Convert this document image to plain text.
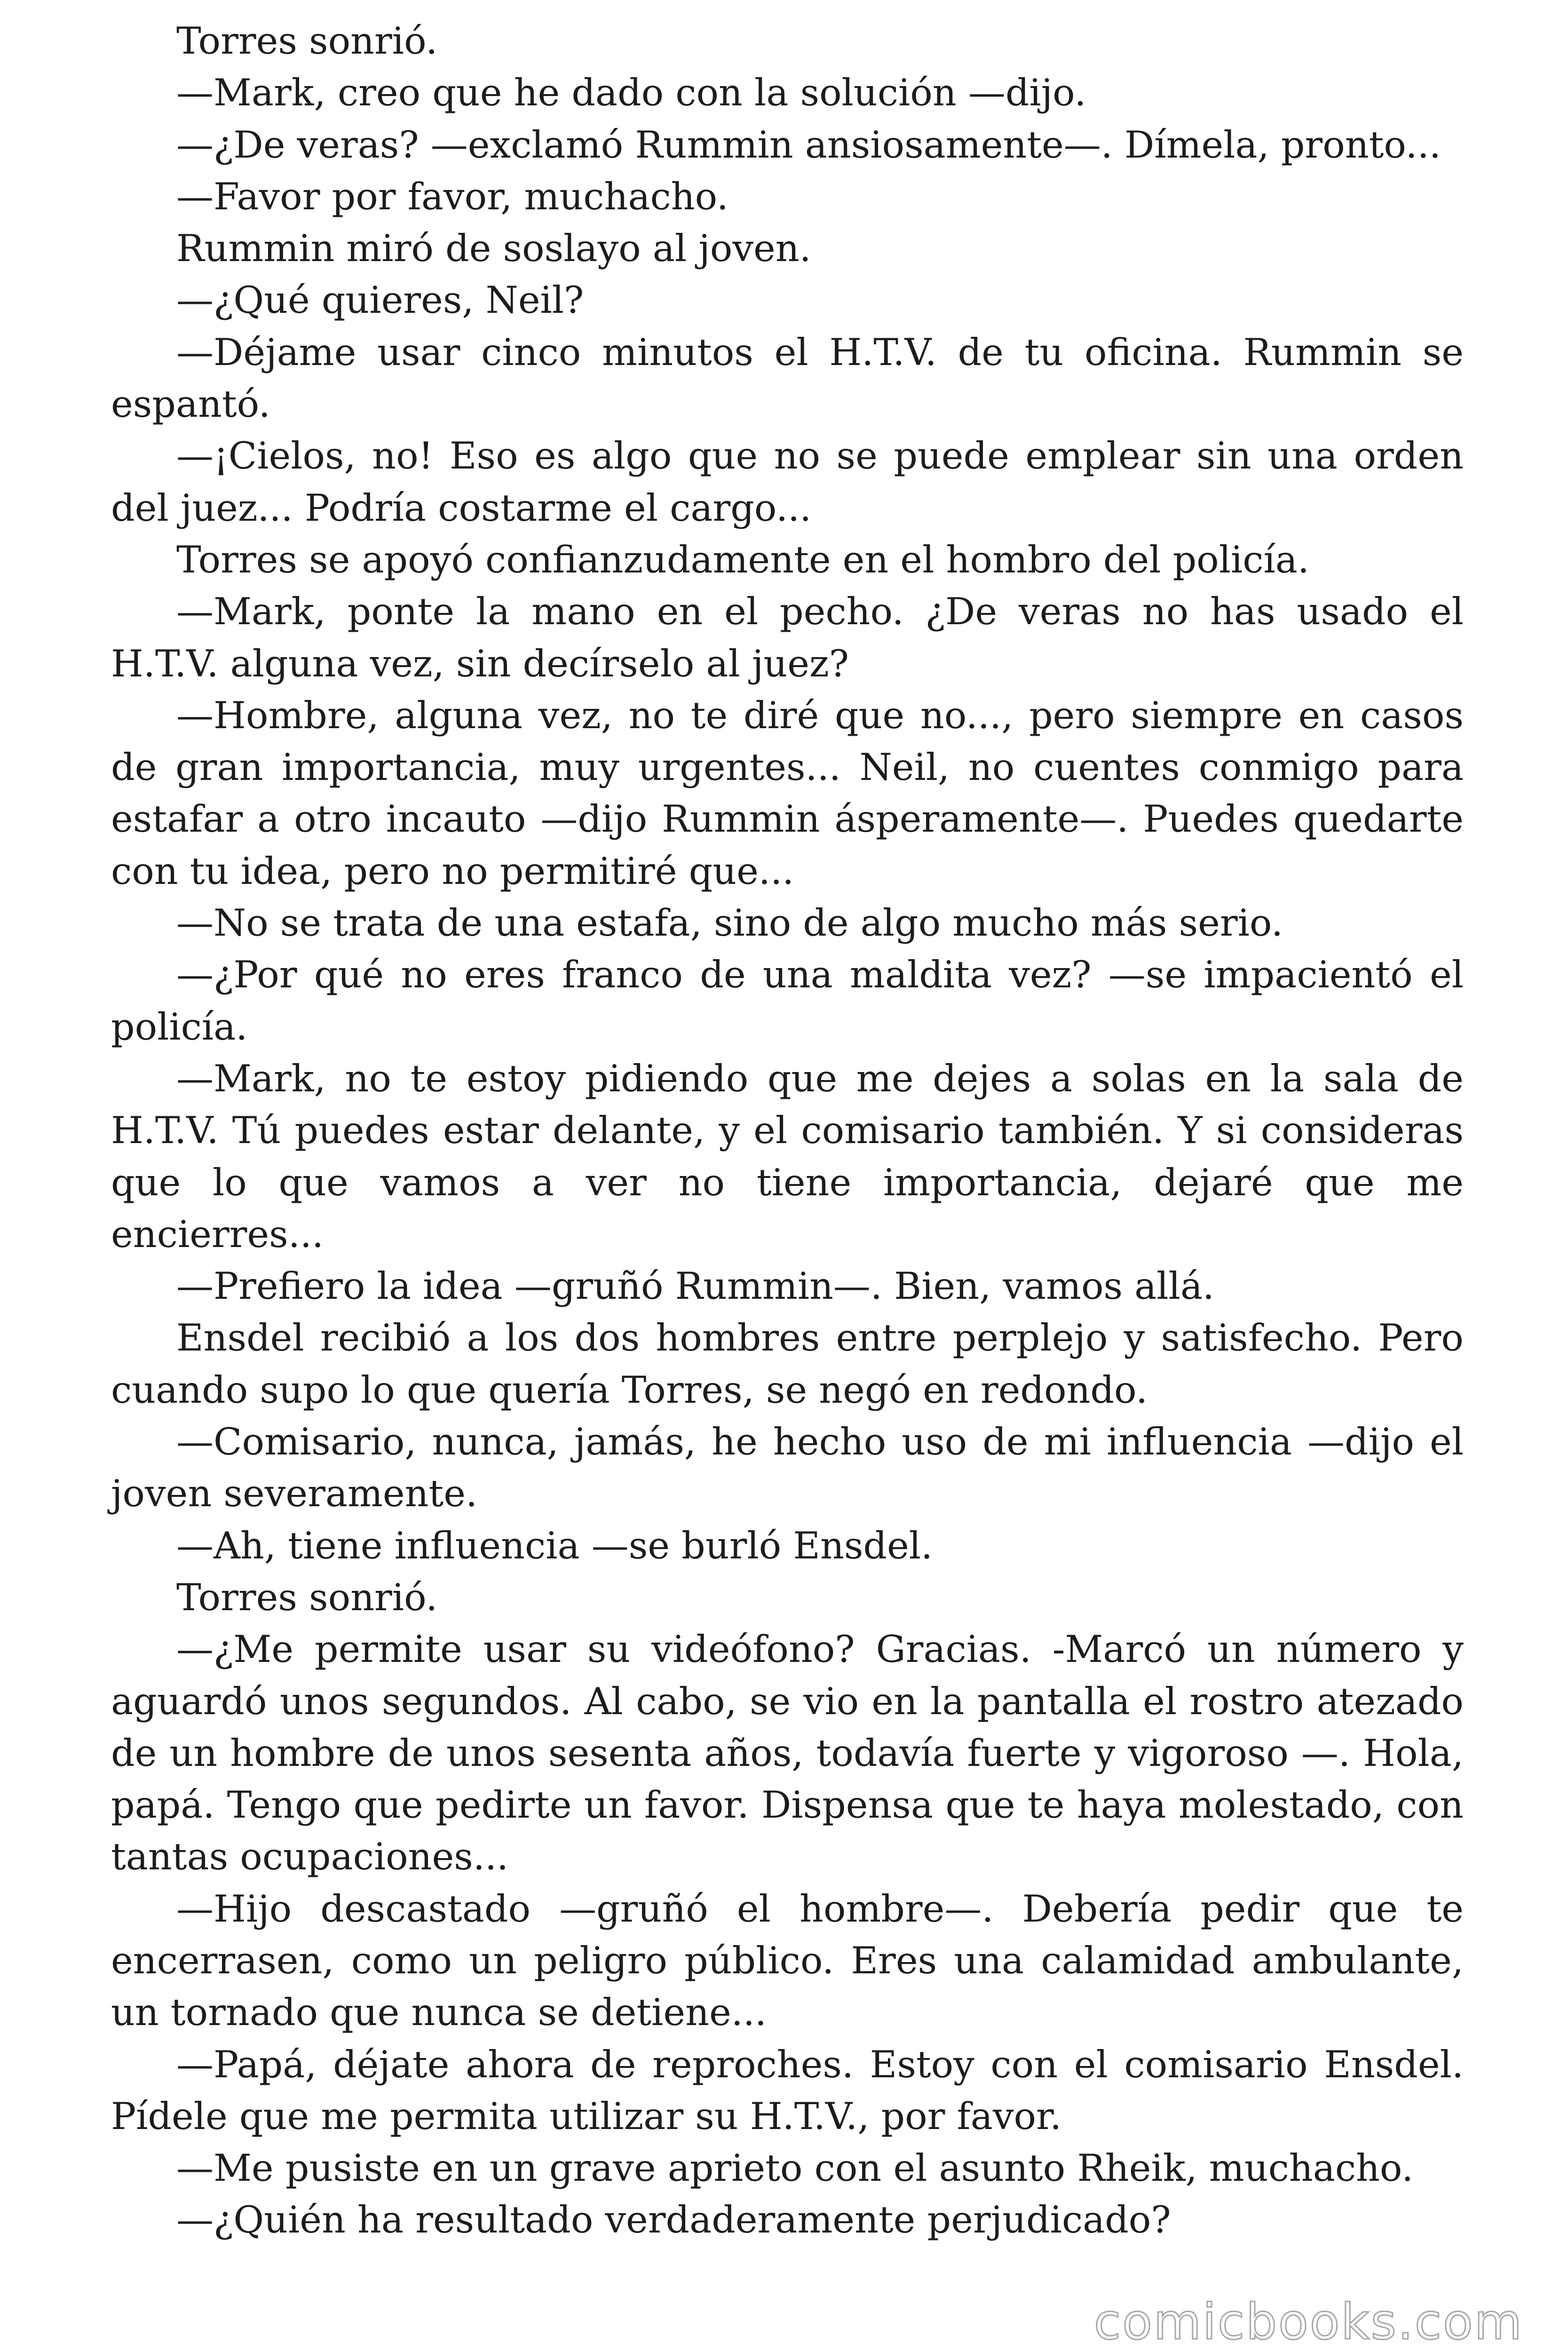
Torres sonrió.

—Mark, creo que he dado con la solución —dijo.

—¿De veras? —exclamó Rummin ansiosamente—. Dímela, pronto...

—Favor por favor, muchacho.

Rummin miró de soslayo al joven.

—¿Qué quieres, Neil?

—Déjame usar cinco minutos el H.T.V. de tu oficina. Rummin se espantó.

—¡Cielos, no! Eso es algo que no se puede emplear sin una orden del juez... Podría costarme el cargo...

Torres se apoyó confianzudamente en el hombro del policía.

—Mark, ponte la mano en el pecho. ¿De veras no has usado el H.T.V. alguna vez, sin decírselo al juez?

—Hombre, alguna vez, no te diré que no..., pero siempre en casos de gran importancia, muy urgentes... Neil, no cuentes conmigo para estafar a otro incauto —dijo Rummin ásperamente—. Puedes quedarte con tu idea, pero no permitiré que...

—No se trata de una estafa, sino de algo mucho más serio.

—¿Por qué no eres franco de una maldita vez? —se impacientó el policía.

—Mark, no te estoy pidiendo que me dejes a solas en la sala de H.T.V. Tú puedes estar delante, y el comisario también. Y si consideras que lo que vamos a ver no tiene importancia, dejaré que me encierres...

—Prefiero la idea —gruñó Rummin—. Bien, vamos allá.

Ensdel recibió a los dos hombres entre perplejo y satisfecho. Pero cuando supo lo que quería Torres, se negó en redondo.

—Comisario, nunca, jamás, he hecho uso de mi influencia —dijo el joven severamente.

—Ah, tiene influencia —se burló Ensdel.

Torres sonrió.

—¿Me permite usar su videófono? Gracias. -Marcó un número y aguardó unos segundos. Al cabo, se vio en la pantalla el rostro atezado de un hombre de unos sesenta años, todavía fuerte y vigoroso —. Hola, papá. Tengo que pedirte un favor. Dispensa que te haya molestado, con tantas ocupaciones...

—Hijo descastado —gruñó el hombre—. Debería pedir que te encerrasen, como un peligro público. Eres una calamidad ambulante, un tornado que nunca se detiene...

—Papá, déjate ahora de reproches. Estoy con el comisario Ensdel. Pídele que me permita utilizar su H.T.V., por favor.

—Me pusiste en un grave aprieto con el asunto Rheik, muchacho.

—¿Quién ha resultado verdaderamente perjudicado?

comicbooks.com
